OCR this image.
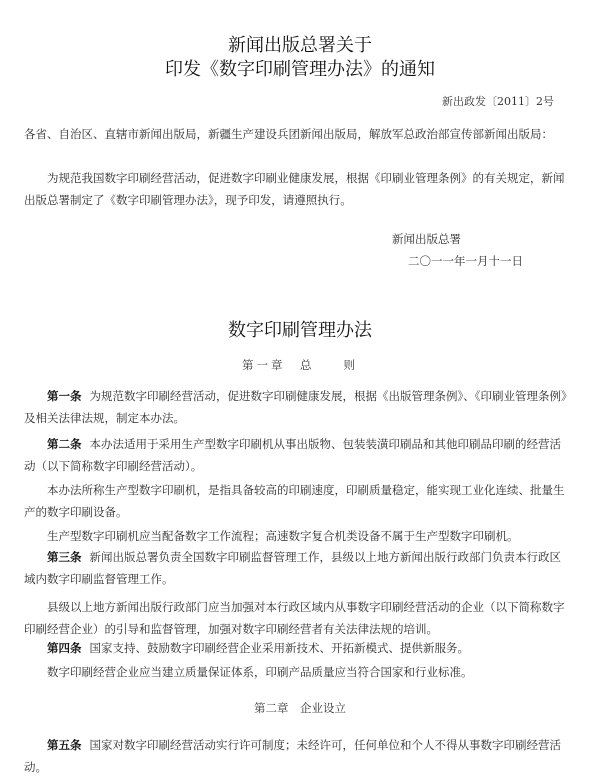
新闻出版总署关于
印发《数字印刷管理办法》的通知
新出政发〔2011〕2号
各省、自治区、直辖市新闻出版局，新疆生产建设兵团新闻出版局，解放军总政治部宣传部新闻出版局：
为规范我国数字印刷经营活动，促进数字印刷业健康发展，根据《印刷业管理条例》的有关规定，新闻出版总署制定了《数字印刷管理办法》，现予印发，请遵照执行。
新闻出版总署
二〇一一年一月十一日
数字印刷管理办法
第一章　总　　则
第一条 为规范数字印刷经营活动，促进数字印刷健康发展，根据《出版管理条例》、《印刷业管理条例》及相关法律法规，制定本办法。
第二条 本办法适用于采用生产型数字印刷机从事出版物、包装装潢印刷品和其他印刷品印刷的经营活动（以下简称数字印刷经营活动）。
本办法所称生产型数字印刷机，是指具备较高的印刷速度，印刷质量稳定，能实现工业化连续、批量生产的数字印刷设备。
生产型数字印刷机应当配备数字工作流程；高速数字复合机类设备不属于生产型数字印刷机。
第三条 新闻出版总署负责全国数字印刷监督管理工作，县级以上地方新闻出版行政部门负责本行政区域内数字印刷监督管理工作。
县级以上地方新闻出版行政部门应当加强对本行政区域内从事数字印刷经营活动的企业（以下简称数字印刷经营企业）的引导和监督管理，加强对数字印刷经营者有关法律法规的培训。
第四条 国家支持、鼓励数字印刷经营企业采用新技术、开拓新模式、提供新服务。
数字印刷经营企业应当建立质量保证体系，印刷产品质量应当符合国家和行业标准。
第二章　企业设立
第五条 国家对数字印刷经营活动实行许可制度；未经许可，任何单位和个人不得从事数字印刷经营活动。
